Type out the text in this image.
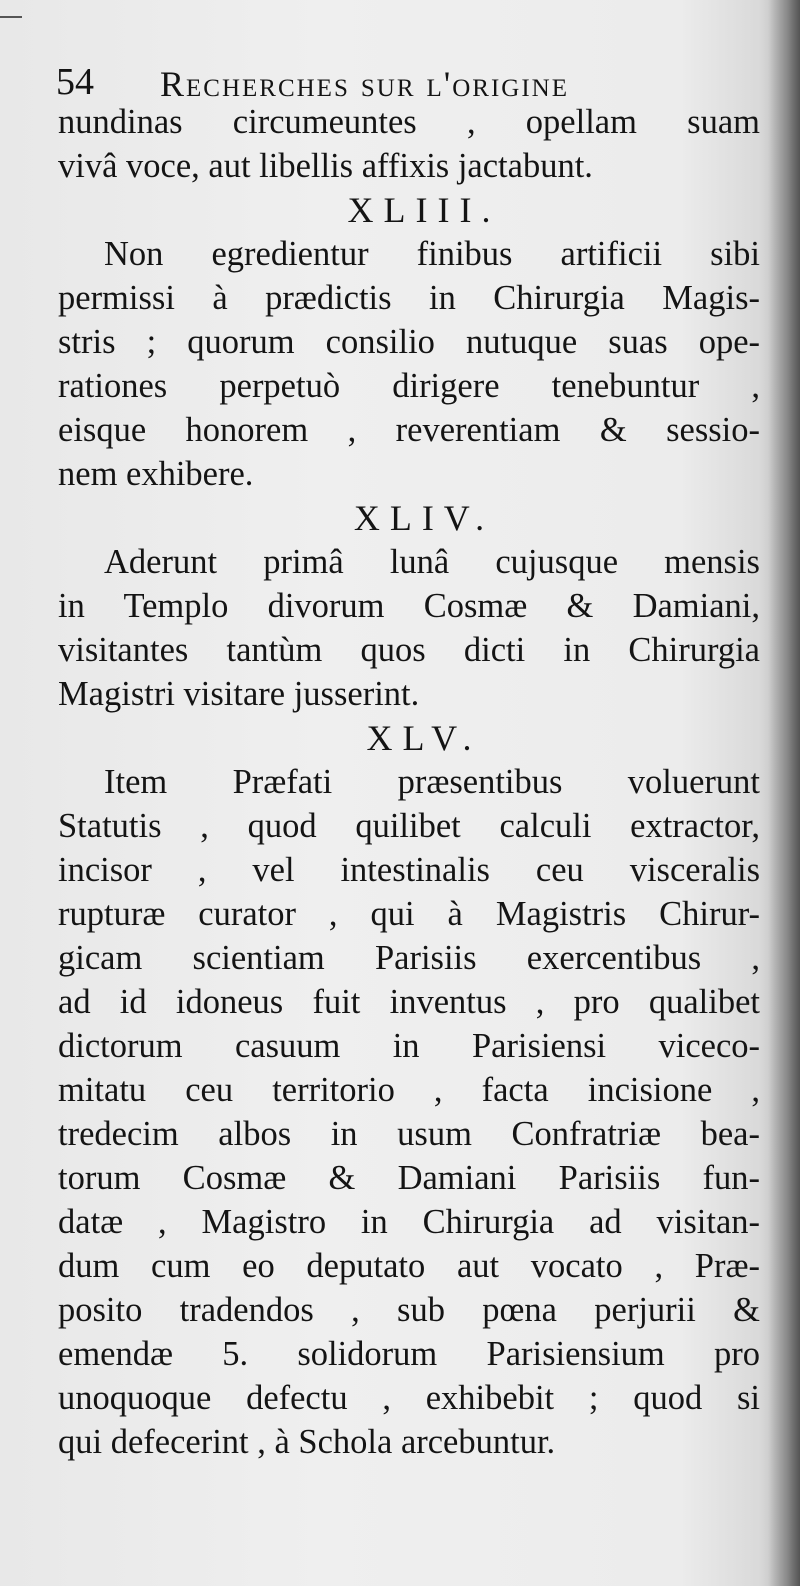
54 Recherches sur l'origine
nundinas circumeuntes , opellam suam
vivâ voce, aut libellis affixis jactabunt.
XLIII.
Non egredientur finibus artificii sibi
permissi à prædictis in Chirurgia Magis-
stris ; quorum consilio nutuque suas ope-
rationes perpetuò dirigere tenebuntur ,
eisque honorem , reverentiam & sessio-
nem exhibere.
XLIV.
Aderunt primâ lunâ cujusque mensis
in Templo divorum Cosmæ & Damiani,
visitantes tantùm quos dicti in Chirurgia
Magistri visitare jusserint.
XLV.
Item Præfati præsentibus voluerunt
Statutis , quod quilibet calculi extractor,
incisor , vel intestinalis ceu visceralis
rupturæ curator , qui à Magistris Chirur-
gicam scientiam Parisiis exercentibus ,
ad id idoneus fuit inventus , pro qualibet
dictorum casuum in Parisiensi viceco-
mitatu ceu territorio , facta incisione ,
tredecim albos in usum Confratriæ bea-
torum Cosmæ & Damiani Parisiis fun-
datæ , Magistro in Chirurgia ad visitan-
dum cum eo deputato aut vocato , Præ-
posito tradendos , sub pœna perjurii &
emendæ 5. solidorum Parisiensium pro
unoquoque defectu , exhibebit ; quod si
qui defecerint , à Schola arcebuntur.
